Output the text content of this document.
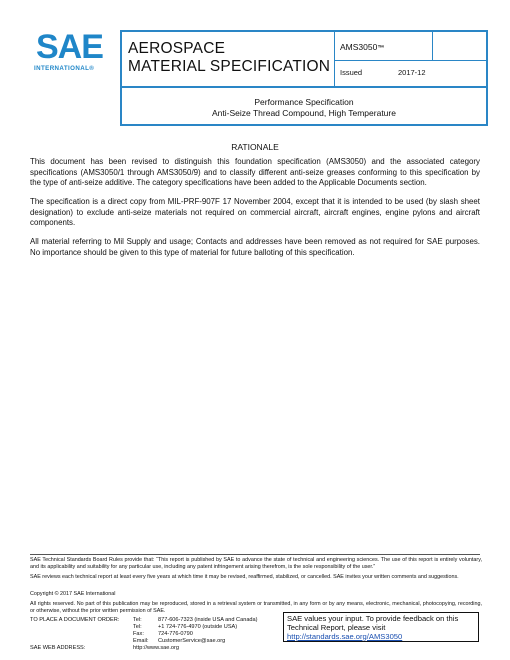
SAE
INTERNATIONAL®
AEROSPACE
MATERIAL SPECIFICATION
AMS3050™
Issued	2017-12
Performance Specification
Anti-Seize Thread Compound, High Temperature
RATIONALE

This document has been revised to distinguish this foundation specification (AMS3050) and the associated category specifications (AMS3050/1 through AMS3050/9) and to classify different anti-seize greases conforming to this specification by the type of anti-seize additive. The category specifications have been added to the Applicable Documents section.

The specification is a direct copy from MIL-PRF-907F 17 November 2004, except that it is intended to be used (by slash sheet designation) to exclude anti-seize materials not required on commercial aircraft, aircraft engines, engine pylons and aircraft components.

All material referring to Mil Supply and usage; Contacts and addresses have been removed as not required for SAE purposes. No importance should be given to this type of material for future balloting of this specification.

SAE Technical Standards Board Rules provide that: “This report is published by SAE to advance the state of technical and engineering sciences. The use of this report is entirely voluntary, and its applicability and suitability for any particular use, including any patent infringement arising therefrom, is the sole responsibility of the user.”

SAE reviews each technical report at least every five years at which time it may be revised, reaffirmed, stabilized, or cancelled. SAE invites your written comments and suggestions.

Copyright © 2017 SAE International

All rights reserved. No part of this publication may be reproduced, stored in a retrieval system or transmitted, in any form or by any means, electronic, mechanical, photocopying, recording, or otherwise, without the prior written permission of SAE.

TO PLACE A DOCUMENT ORDER: Tel:	877-606-7323 (inside USA and Canada)
Tel:	+1 724-776-4970 (outside USA)
Fax:	724-776-0790
Email: CustomerService@sae.org
SAE WEB ADDRESS:	http://www.sae.org
SAE values your input. To provide feedback on this Technical Report, please visit
http://standards.sae.org/AMS3050
